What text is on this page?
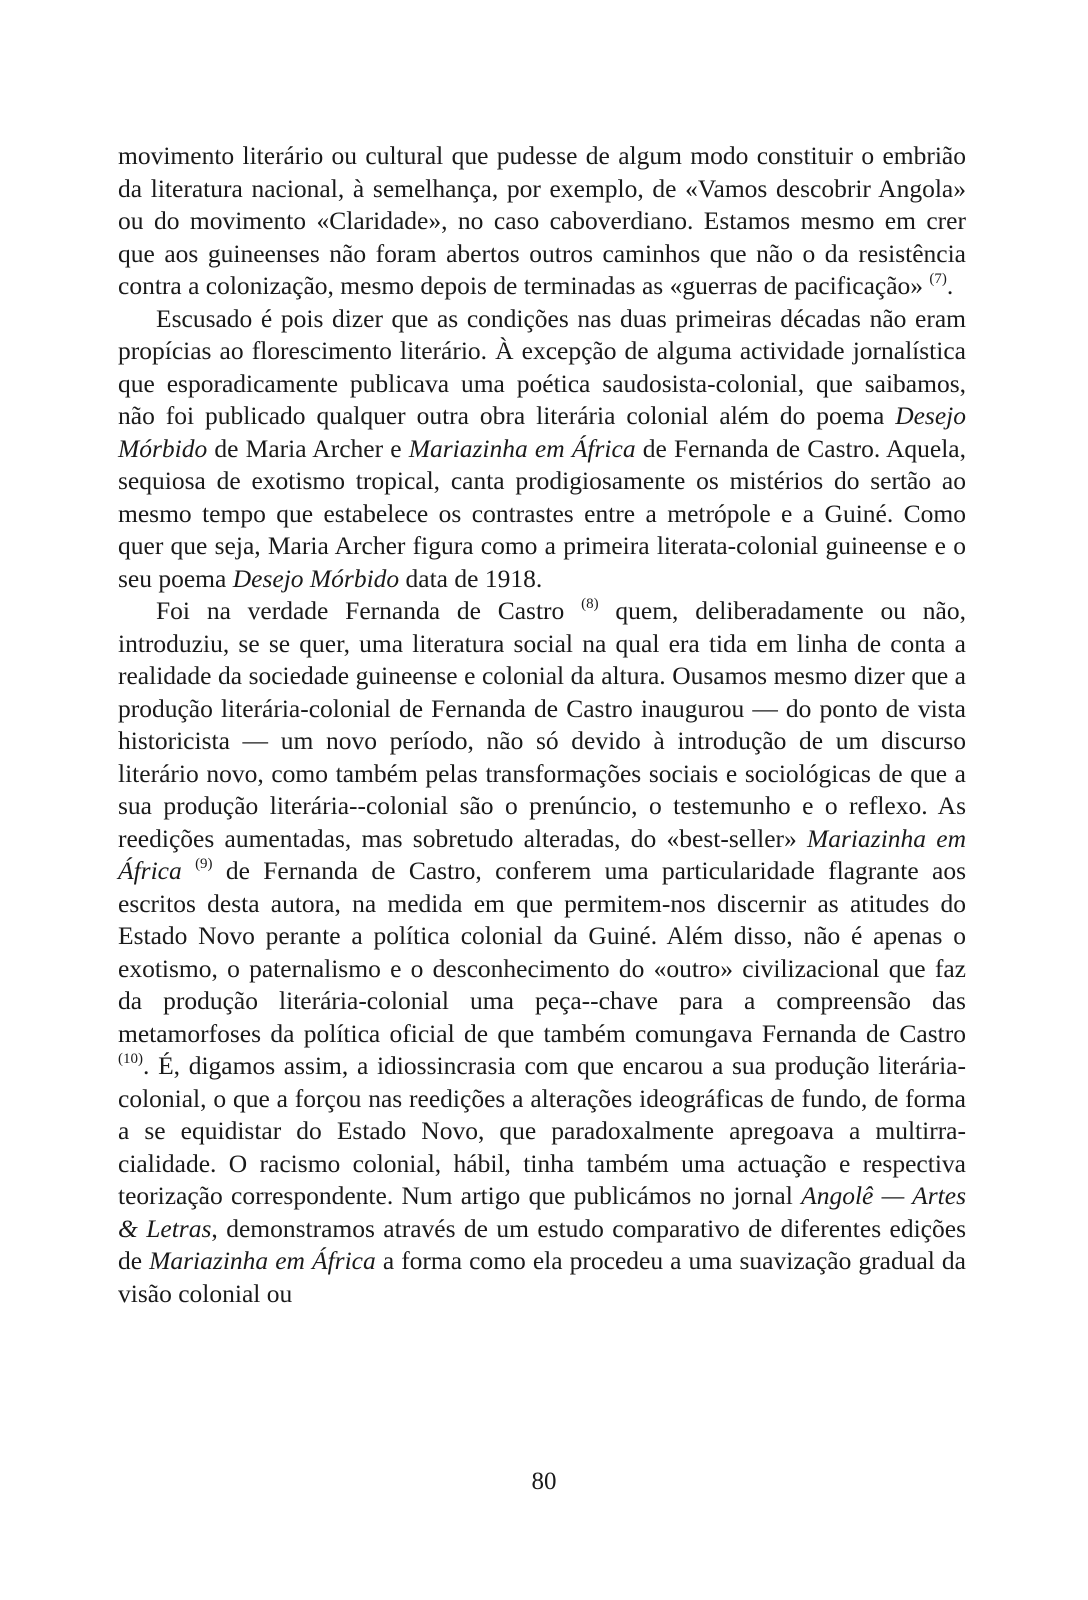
movimento literário ou cultural que pudesse de algum modo constituir o embrião da literatura nacional, à semelhança, por exemplo, de «Vamos descobrir Angola» ou do movimento «Claridade», no caso caboverdiano. Estamos mesmo em crer que aos guineenses não foram abertos outros caminhos que não o da resistência contra a colonização, mesmo depois de terminadas as «guerras de pacificação» $^{(7)}$.

Escusado é pois dizer que as condições nas duas primeiras décadas não eram propícias ao florescimento literário. À excepção de alguma actividade jornalística que esporadicamente publicava uma poética saudosista-colonial, que saibamos, não foi publicado qualquer outra obra literária colonial além do poema Desejo Mórbido de Maria Archer e Mariazinha em África de Fernanda de Castro. Aquela, sequiosa de exotismo tropical, canta prodigiosamente os mistérios do sertão ao mesmo tempo que estabelece os contrastes entre a metrópole e a Guiné. Como quer que seja, Maria Archer figura como a primeira literata-colonial guineense e o seu poema Desejo Mórbido data de 1918.

Foi na verdade Fernanda de Castro $^{(8)}$ quem, deliberadamente ou não, introduziu, se se quer, uma literatura social na qual era tida em linha de conta a realidade da sociedade guineense e colonial da altura. Ousamos mesmo dizer que a produção literária-colonial de Fernanda de Castro inaugurou — do ponto de vista historicista — um novo período, não só devido à introdução de um discurso literário novo, como também pelas transformações sociais e sociológicas de que a sua produção literária--colonial são o prenúncio, o testemunho e o reflexo. As reedições aumentadas, mas sobretudo alteradas, do «best-seller» Mariazinha em África $^{(9)}$ de Fernanda de Castro, conferem uma particularidade flagrante aos escritos desta autora, na medida em que permitem-nos discernir as atitudes do Estado Novo perante a política colonial da Guiné. Além disso, não é apenas o exotismo, o paternalismo e o desconhecimento do «outro» civilizacional que faz da produção literária-colonial uma peça--chave para a compreensão das metamorfoses da política oficial de que também comungava Fernanda de Castro $^{(10)}$. É, digamos assim, a idiossincrasia com que encarou a sua produção literária-colonial, o que a forçou nas reedições a alterações ideográficas de fundo, de forma a se equidistar do Estado Novo, que paradoxalmente apregoava a multirracialidade. O racismo colonial, hábil, tinha também uma actuação e respectiva teorização correspondente. Num artigo que publicámos no jornal Angolê — Artes & Letras, demonstramos através de um estudo comparativo de diferentes edições de Mariazinha em África a forma como ela procedeu a uma suavização gradual da visão colonial ou

80
